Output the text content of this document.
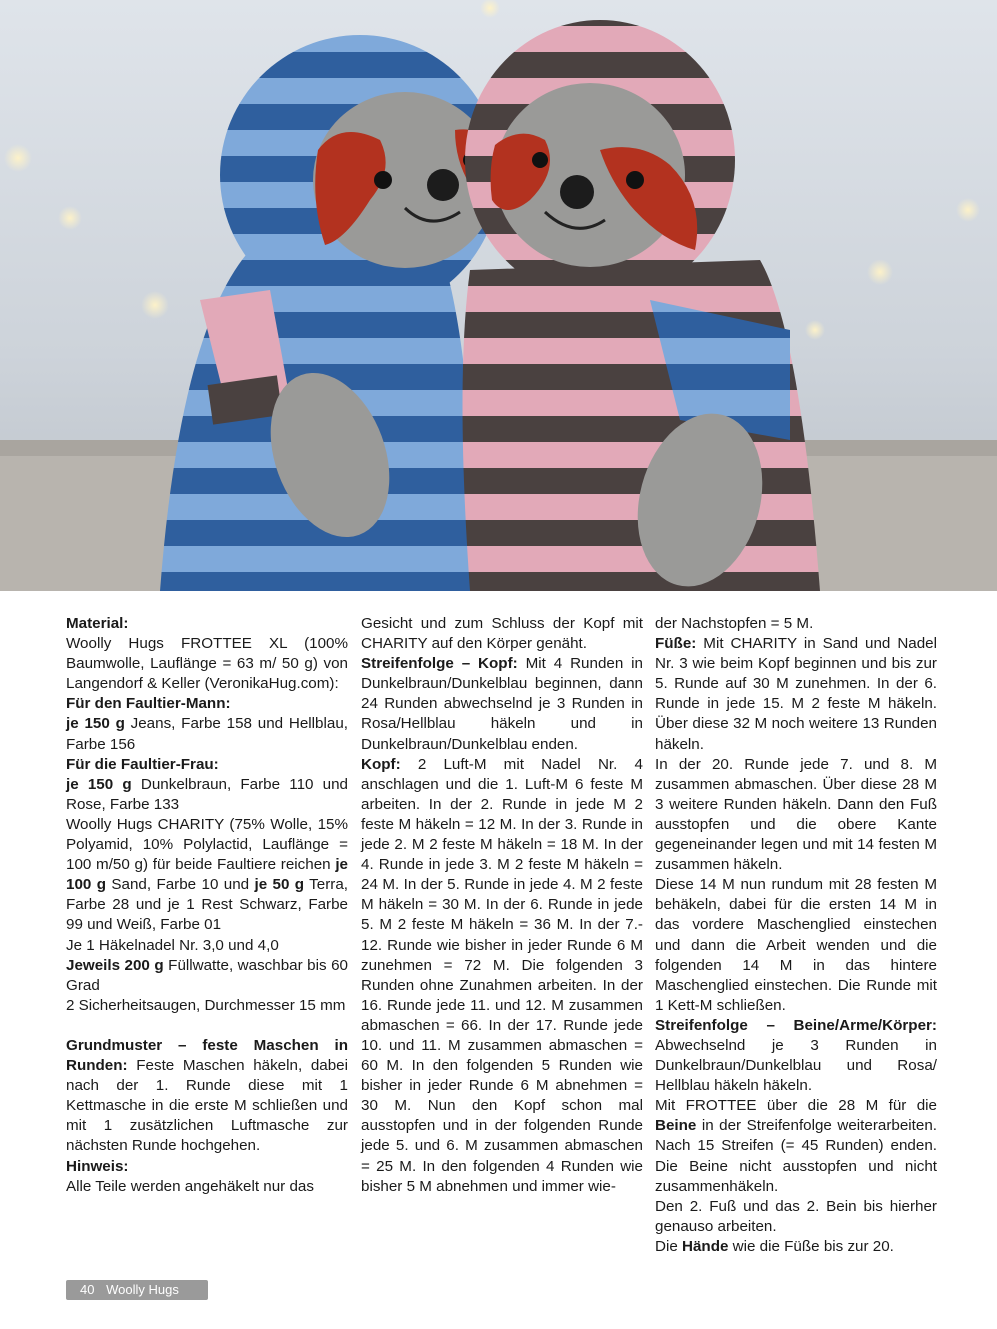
Material:

Woolly Hugs FROTTEE XL (100% Baumwolle, Lauflänge = 63 m/ 50 g) von Langendorf & Keller (VeronikaHug.com):

Für den Faultier-Mann:

je 150 g Jeans, Farbe 158 und Hellblau, Farbe 156

Für die Faultier-Frau:

je 150 g Dunkelbraun, Farbe 110 und Rose, Farbe 133

Woolly Hugs CHARITY (75% Wolle, 15% Polyamid, 10% Polylactid, Lauflänge = 100 m/50 g) für beide Faultiere reichen je 100 g Sand, Farbe 10 und je 50 g Terra, Farbe 28 und je 1 Rest Schwarz, Farbe 99 und Weiß, Farbe 01

Je 1 Häkelnadel Nr. 3,0 und 4,0

Jeweils 200 g Füllwatte, waschbar bis 60 Grad

2 Sicherheitsaugen, Durchmesser 15 mm

Grundmuster – feste Maschen in Runden: Feste Maschen häkeln, dabei nach der 1. Runde diese mit 1 Kettmasche in die erste M schließen und mit 1 zusätzlichen Luftmasche zur nächsten Runde hochgehen.

Hinweis:

Alle Teile werden angehäkelt nur das

Gesicht und zum Schluss der Kopf mit CHARITY auf den Körper genäht.

Streifenfolge – Kopf: Mit 4 Runden in Dunkelbraun/Dunkelblau beginnen, dann 24 Runden abwechselnd je 3 Runden in Rosa/Hellblau häkeln und in Dunkelbraun/Dunkelblau enden.

Kopf: 2 Luft-M mit Nadel Nr. 4 anschlagen und die 1. Luft-M 6 feste M arbeiten. In der 2. Runde in jede M 2 feste M häkeln = 12 M. In der 3. Runde in jede 2. M 2 feste M häkeln = 18 M. In der 4. Runde in jede 3. M 2 feste M häkeln = 24 M. In der 5. Runde in jede 4. M 2 feste M häkeln = 30 M. In der 6. Runde in jede 5. M 2 feste M häkeln = 36 M. In der 7.- 12. Runde wie bisher in jeder Runde 6 M zunehmen = 72 M. Die folgenden 3 Runden ohne Zunahmen arbeiten. In der 16. Runde jede 11. und 12. M zusammen abmaschen = 66. In der 17. Runde jede 10. und 11. M zusammen abmaschen = 60 M. In den folgenden 5 Runden wie bisher in jeder Runde 6 M abnehmen = 30 M. Nun den Kopf schon mal ausstopfen und in der folgenden Runde jede 5. und 6. M zusammen abmaschen = 25 M. In den folgenden 4 Runden wie bisher 5 M abnehmen und immer wie-

der Nachstopfen = 5 M.

Füße: Mit CHARITY in Sand und Nadel Nr. 3 wie beim Kopf beginnen und bis zur 5. Runde auf 30 M zunehmen. In der 6. Runde in jede 15. M 2 feste M häkeln. Über diese 32 M noch weitere 13 Runden häkeln.

In der 20. Runde jede 7. und 8. M zusammen abmaschen. Über diese 28 M 3 weitere Runden häkeln. Dann den Fuß ausstopfen und die obere Kante gegeneinander legen und mit 14 festen M zusammen häkeln.

Diese 14 M nun rundum mit 28 festen M behäkeln, dabei für die ersten 14 M in das vordere Maschenglied einstechen und dann die Arbeit wenden und die folgenden 14 M in das hintere Maschenglied einstechen. Die Runde mit 1 Kett-M schließen.

Streifenfolge – Beine/Arme/Körper: Abwechselnd je 3 Runden in Dunkelbraun/Dunkelblau und Rosa/ Hellblau häkeln häkeln.

Mit FROTTEE über die 28 M für die Beine in der Streifenfolge weiterarbeiten. Nach 15 Streifen (= 45 Runden) enden. Die Beine nicht ausstopfen und nicht zusammenhäkeln.

Den 2. Fuß und das 2. Bein bis hierher genauso arbeiten.

Die Hände wie die Füße bis zur 20.

40 Woolly Hugs
